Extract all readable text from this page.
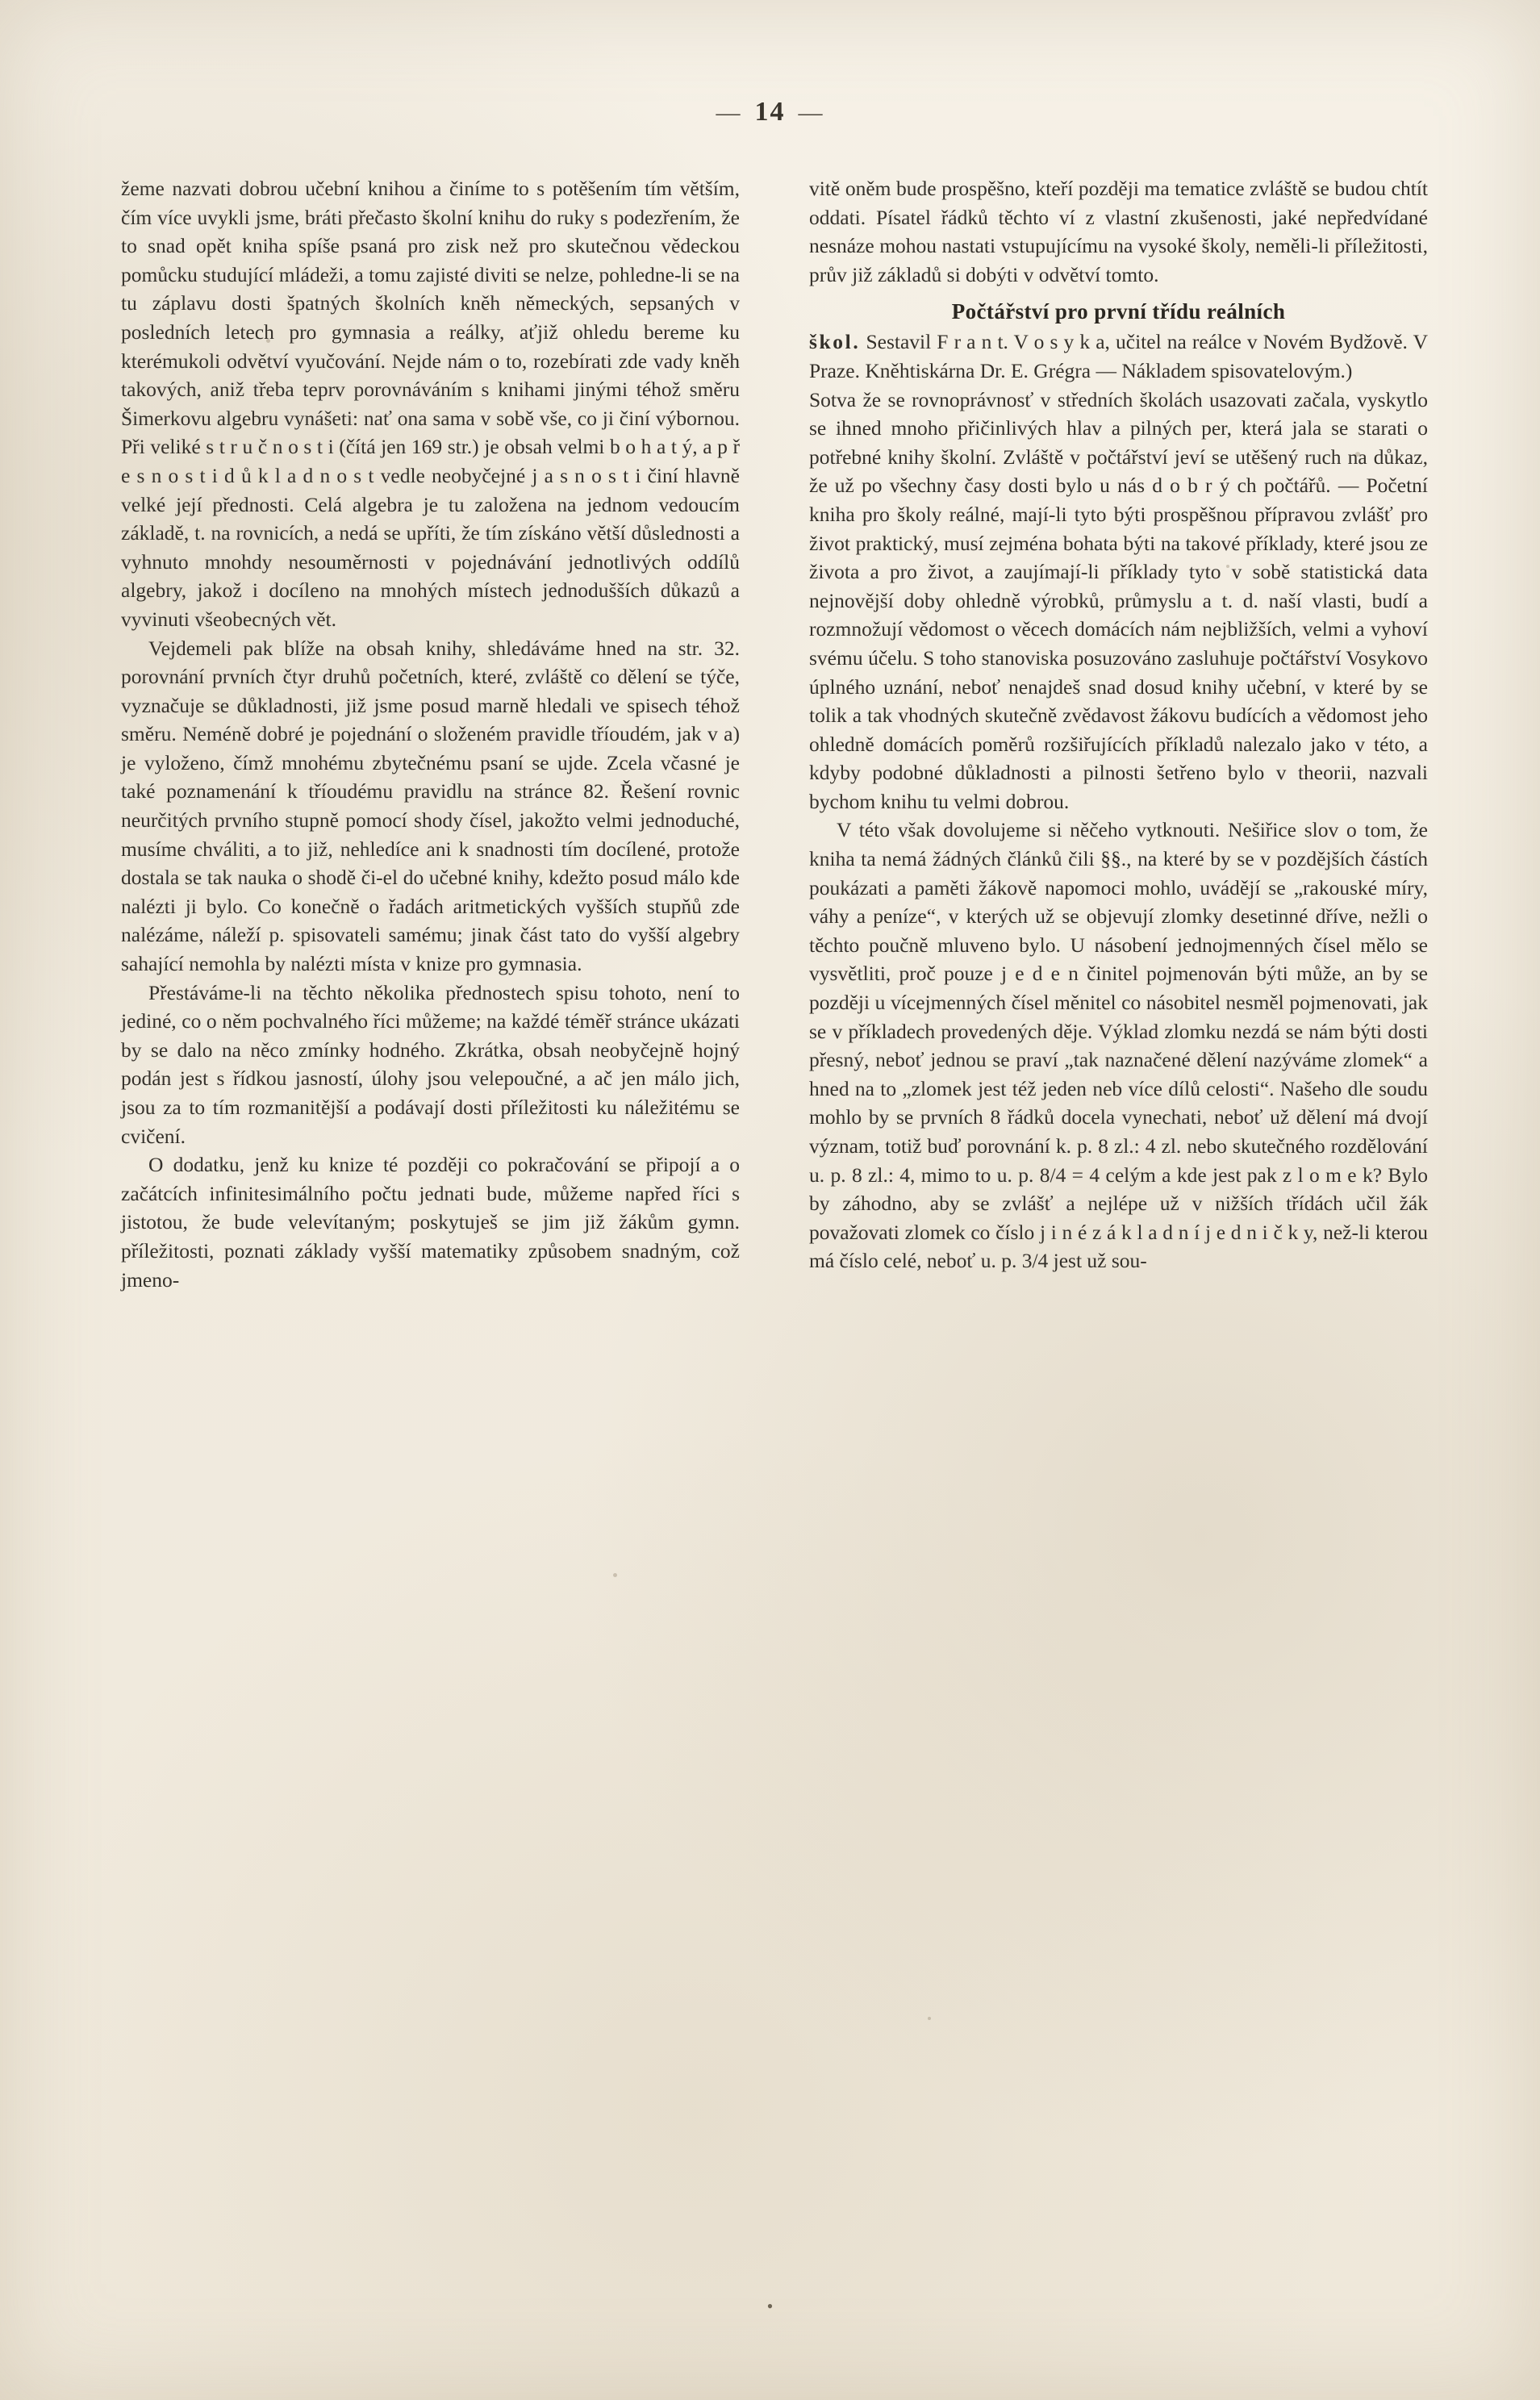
— 14 —

žeme nazvati dobrou učební knihou a činíme to s potěšením tím větším, čím více uvykli jsme, bráti přečasto školní knihu do ruky s podezřením, že to snad opět kniha spíše psaná pro zisk než pro skutečnou vědeckou pomůcku studující mládeži, a tomu zajisté diviti se nelze, pohledne-li se na tu záplavu dosti špatných školních kněh německých, sepsaných v posledních letech pro gymnasia a reálky, aťjiž ohledu bereme ku kterémukoli odvětví vyučování. Nejde nám o to, rozebírati zde vady kněh takových, aniž třeba teprv porovnáváním s knihami jinými téhož směru Šimerkovu algebru vynášeti: nať ona sama v sobě vše, co ji činí výbornou. Při veliké s t r u č n o s t i (čítá jen 169 str.) je obsah velmi b o h a t ý, a p ř e s n o s t i d ů k l a d n o s t vedle neobyčejné j a s n o s t i činí hlavně velké její přednosti. Celá algebra je tu založena na jednom vedoucím základě, t. na rovnicích, a nedá se upříti, že tím získáno větší důslednosti a vyhnuto mnohdy nesouměrnosti v pojednávání jednotlivých oddílů algebry, jakož i docíleno na mnohých místech jednodušších důkazů a vyvinuti všeobecných vět.

Vejdemeli pak blíže na obsah knihy, shledáváme hned na str. 32. porovnání prvních čtyr druhů početních, které, zvláště co dělení se týče, vyznačuje se důkladnosti, již jsme posud marně hledali ve spisech téhož směru. Neméně dobré je pojednání o složeném pravidle tříoudém, jak v a) je vyloženo, čímž mnohému zbytečnému psaní se ujde. Zcela včasné je také poznamenání k tříoudému pravidlu na stránce 82. Řešení rovnic neurčitých prvního stupně pomocí shody čísel, jakožto velmi jednoduché, musíme chváliti, a to již, nehledíce ani k snadnosti tím docílené, protože dostala se tak nauka o shodě či-el do učebné knihy, kdežto posud málo kde nalézti ji bylo. Co konečně o řadách aritmetických vyšších stupňů zde nalézáme, náleží p. spisovateli samému; jinak část tato do vyšší algebry sahající nemohla by nalézti místa v knize pro gymnasia.

Přestáváme-li na těchto několika přednostech spisu tohoto, není to jediné, co o něm pochvalného říci můžeme; na každé téměř stránce ukázati by se dalo na něco zmínky hodného. Zkrátka, obsah neobyčejně hojný podán jest s řídkou jasností, úlohy jsou velepoučné, a ač jen málo jich, jsou za to tím rozmanitější a podávají dosti příležitosti ku náležitému se cvičení.

O dodatku, jenž ku knize té později co pokračování se připojí a o začátcích infinitesimálního počtu jednati bude, můžeme napřed říci s jistotou, že bude velevítaným; poskytuješ se jim již žákům gymn. příležitosti, poznati základy vyšší matematiky způsobem snadným, což jmeno-

vitě oněm bude prospěšno, kteří později ma tematice zvláště se budou chtít oddati. Písatel řádků těchto ví z vlastní zkušenosti, jaké nepředvídané nesnáze mohou nastati vstupujícímu na vysoké školy, neměli-li příležitosti, prův již základů si dobýti v odvětví tomto.

Počtářství pro první třídu reálních

škol. Sestavil F r a n t. V o s y k a, učitel na reálce v Novém Bydžově. V Praze. Kněhtiskárna Dr. E. Grégra — Nákladem spisovatelovým.)

Sotva že se rovnoprávnosť v středních školách usazovati začala, vyskytlo se ihned mnoho přičinlivých hlav a pilných per, která jala se starati o potřebné knihy školní. Zvláště v počtářství jeví se utěšený ruch na důkaz, že už po všechny časy dosti bylo u nás d o b r ý ch počtářů. — Početní kniha pro školy reálné, mají-li tyto býti prospěšnou přípravou zvlášť pro život praktický, musí zejména bohata býti na takové příklady, které jsou ze života a pro život, a zaujímají-li příklady tyto v sobě statistická data nejnovější doby ohledně výrobků, průmyslu a t. d. naší vlasti, budí a rozmnožují vědomost o věcech domácích nám nejbližších, velmi a vyhoví svému účelu. S toho stanoviska posuzováno zasluhuje počtářství Vosykovo úplného uznání, neboť nenajdeš snad dosud knihy učební, v které by se tolik a tak vhodných skutečně zvědavost žákovu budících a vědomost jeho ohledně domácích poměrů rozšiřujících příkladů nalezalo jako v této, a kdyby podobné důkladnosti a pilnosti šetřeno bylo v theorii, nazvali bychom knihu tu velmi dobrou.

V této však dovolujeme si něčeho vytknouti. Nešiřice slov o tom, že kniha ta nemá žádných článků čili §§., na které by se v pozdějších částích poukázati a paměti žákově napomoci mohlo, uvádějí se „rakouské míry, váhy a peníze“, v kterých už se objevují zlomky desetinné dříve, nežli o těchto poučně mluveno bylo. U násobení jednojmenných čísel mělo se vysvětliti, proč pouze j e d e n činitel pojmenován býti může, an by se později u vícejmenných čísel měnitel co násobitel nesměl pojmenovati, jak se v příkladech provedených děje. Výklad zlomku nezdá se nám býti dosti přesný, neboť jednou se praví „tak naznačené dělení nazýváme zlomek“ a hned na to „zlomek jest též jeden neb více dílů celosti“. Našeho dle soudu mohlo by se prvních 8 řádků docela vynechati, neboť už dělení má dvojí význam, totiž buď porovnání k. p. 8 zl.: 4 zl. nebo skutečného rozdělování u. p. 8 zl.: 4, mimo to u. p. 8/4 = 4 celým a kde jest pak z l o m e k? Bylo by záhodno, aby se zvlášť a nejlépe už v nižších třídách učil žák považovati zlomek co číslo j i n é z á k l a d n í j e d n i č k y, než-li kterou má číslo celé, neboť u. p. 3/4 jest už sou-

•
